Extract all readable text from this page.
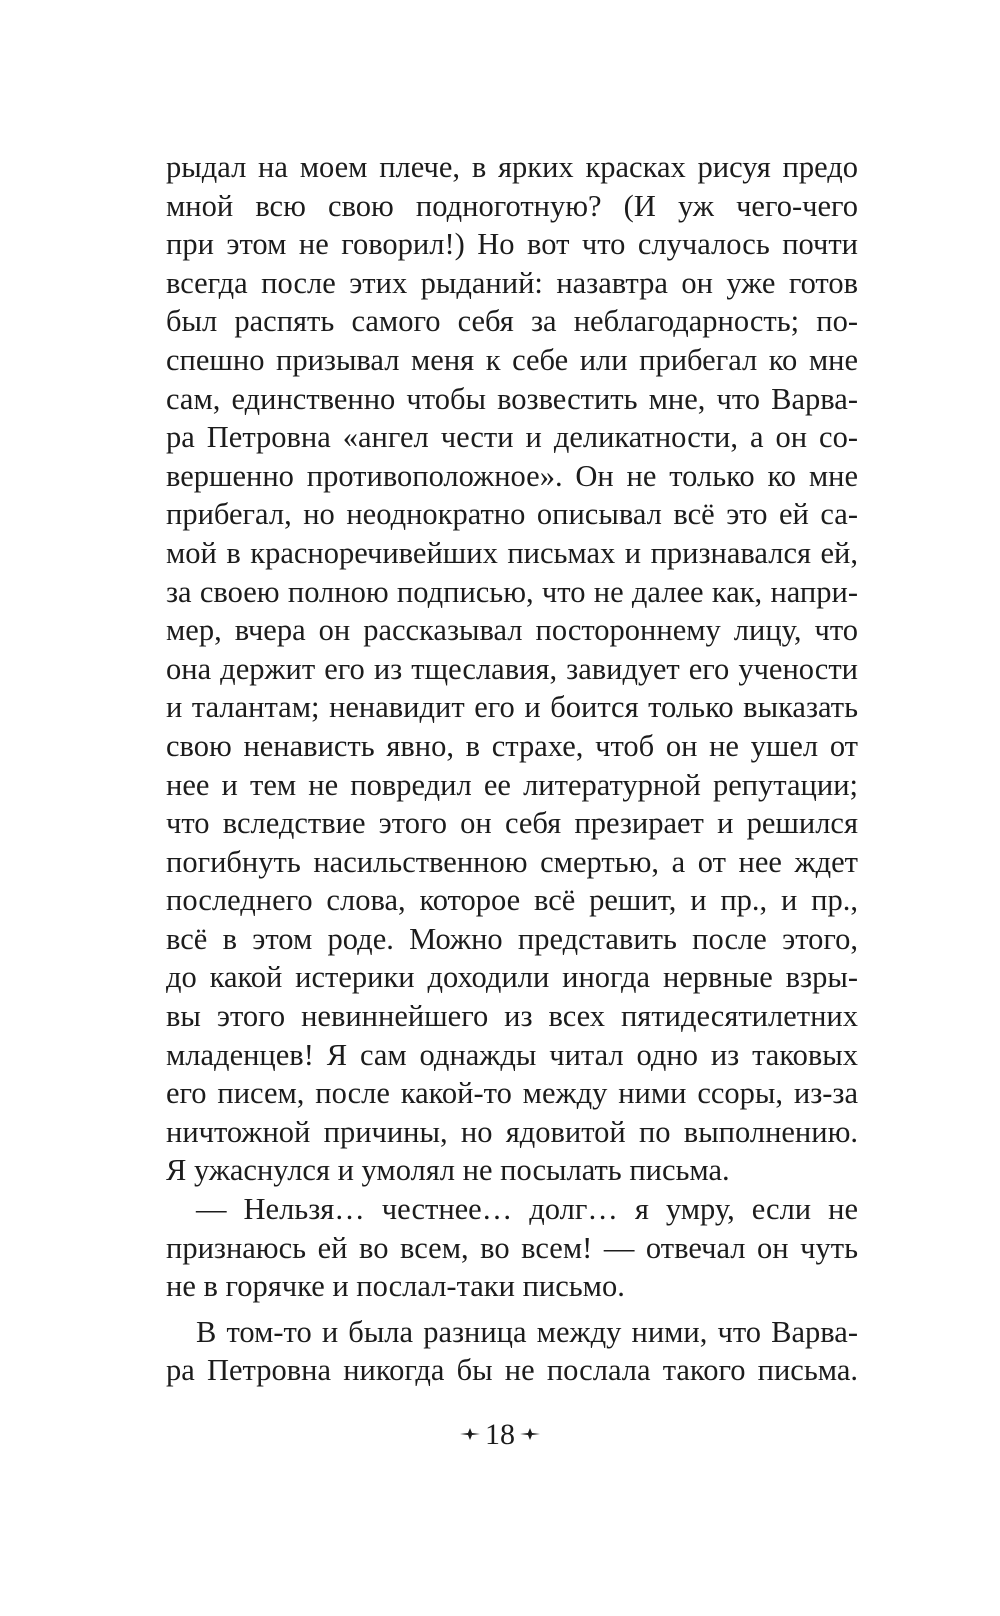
рыдал на моем плече, в ярких красках рисуя предо
мной всю свою подноготную? (И уж чего-чего
при этом не говорил!) Но вот что случалось почти
всегда после этих рыданий: назавтра он уже готов
был распять самого себя за неблагодарность; по-
спешно призывал меня к себе или прибегал ко мне
сам, единственно чтобы возвестить мне, что Варва-
ра Петровна «ангел чести и деликатности, а он со-
вершенно противоположное». Он не только ко мне
прибегал, но неоднократно описывал всё это ей са-
мой в красноречивейших письмах и признавался ей,
за своею полною подписью, что не далее как, напри-
мер, вчера он рассказывал постороннему лицу, что
она держит его из тщеславия, завидует его учености
и талантам; ненавидит его и боится только выказать
свою ненависть явно, в страхе, чтоб он не ушел от
нее и тем не повредил ее литературной репутации;
что вследствие этого он себя презирает и решился
погибнуть насильственною смертью, а от нее ждет
последнего слова, которое всё решит, и пр., и пр.,
всё в этом роде. Можно представить после этого,
до какой истерики доходили иногда нервные взры-
вы этого невиннейшего из всех пятидесятилетних
младенцев! Я сам однажды читал одно из таковых
его писем, после какой-то между ними ссоры, из-за
ничтожной причины, но ядовитой по выполнению.
Я ужаснулся и умолял не посылать письма.
— Нельзя… честнее… долг… я умру, если не
признаюсь ей во всем, во всем! — отвечал он чуть
не в горячке и послал-таки письмо.
В том-то и была разница между ними, что Варва-
ра Петровна никогда бы не послала такого письма.
18
